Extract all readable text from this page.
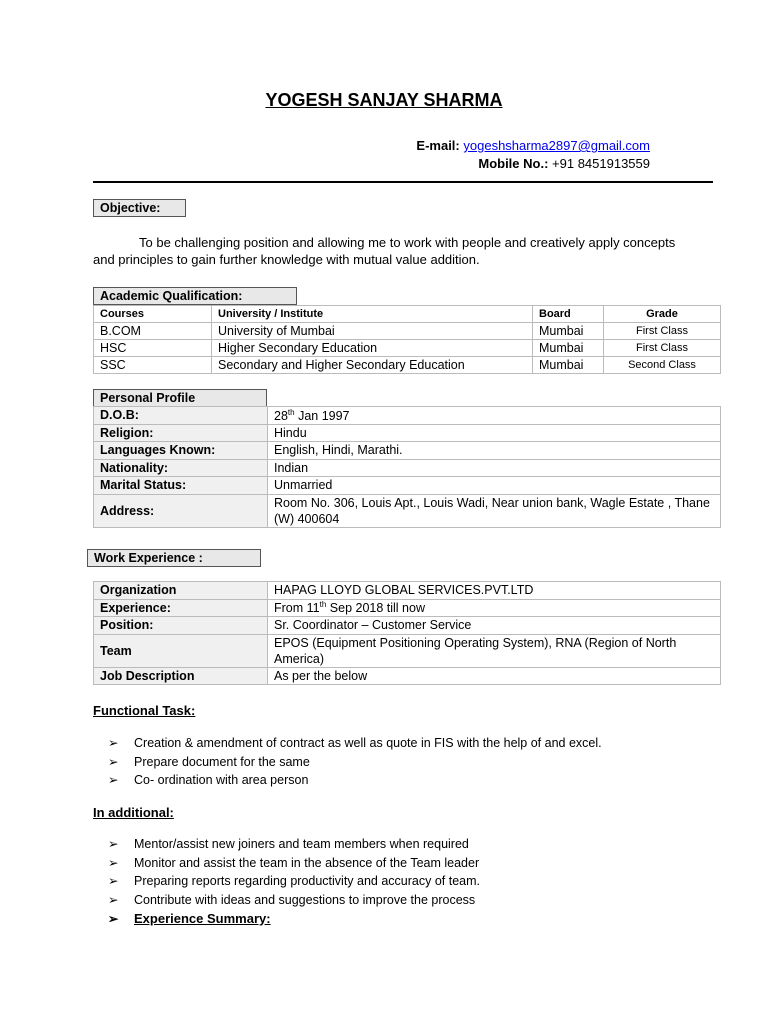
YOGESH SANJAY SHARMA
E-mail: yogeshsharma2897@gmail.com
Mobile No.: +91 8451913559
Objective:
To be challenging position and allowing me to work with people and creatively apply concepts and principles to gain further knowledge with mutual value addition.
Academic Qualification:
Courses	University / Institute	Board	Grade
B.COM	University of Mumbai	Mumbai	First Class
HSC	Higher Secondary Education	Mumbai	First Class
SSC	Secondary and Higher Secondary Education	Mumbai	Second Class
Personal Profile
D.O.B:	28th Jan 1997
Religion:	Hindu
Languages Known:	English, Hindi, Marathi.
Nationality:	Indian
Marital Status:	Unmarried
Address:	Room No. 306, Louis Apt., Louis Wadi, Near union bank, Wagle Estate , Thane (W) 400604
Work Experience :
Organization	HAPAG LLOYD GLOBAL SERVICES.PVT.LTD
Experience:	From 11th Sep 2018 till now
Position:	Sr. Coordinator – Customer Service
Team	EPOS (Equipment Positioning Operating System), RNA (Region of North America)
Job Description	As per the below
Functional Task:
➢ Creation & amendment of contract as well as quote in FIS with the help of and excel.
➢ Prepare document for the same
➢ Co- ordination with area person
In additional:
➢ Mentor/assist new joiners and team members when required
➢ Monitor and assist the team in the absence of the Team leader
➢ Preparing reports regarding productivity and accuracy of team.
➢ Contribute with ideas and suggestions to improve the process
➢ Experience Summary:
